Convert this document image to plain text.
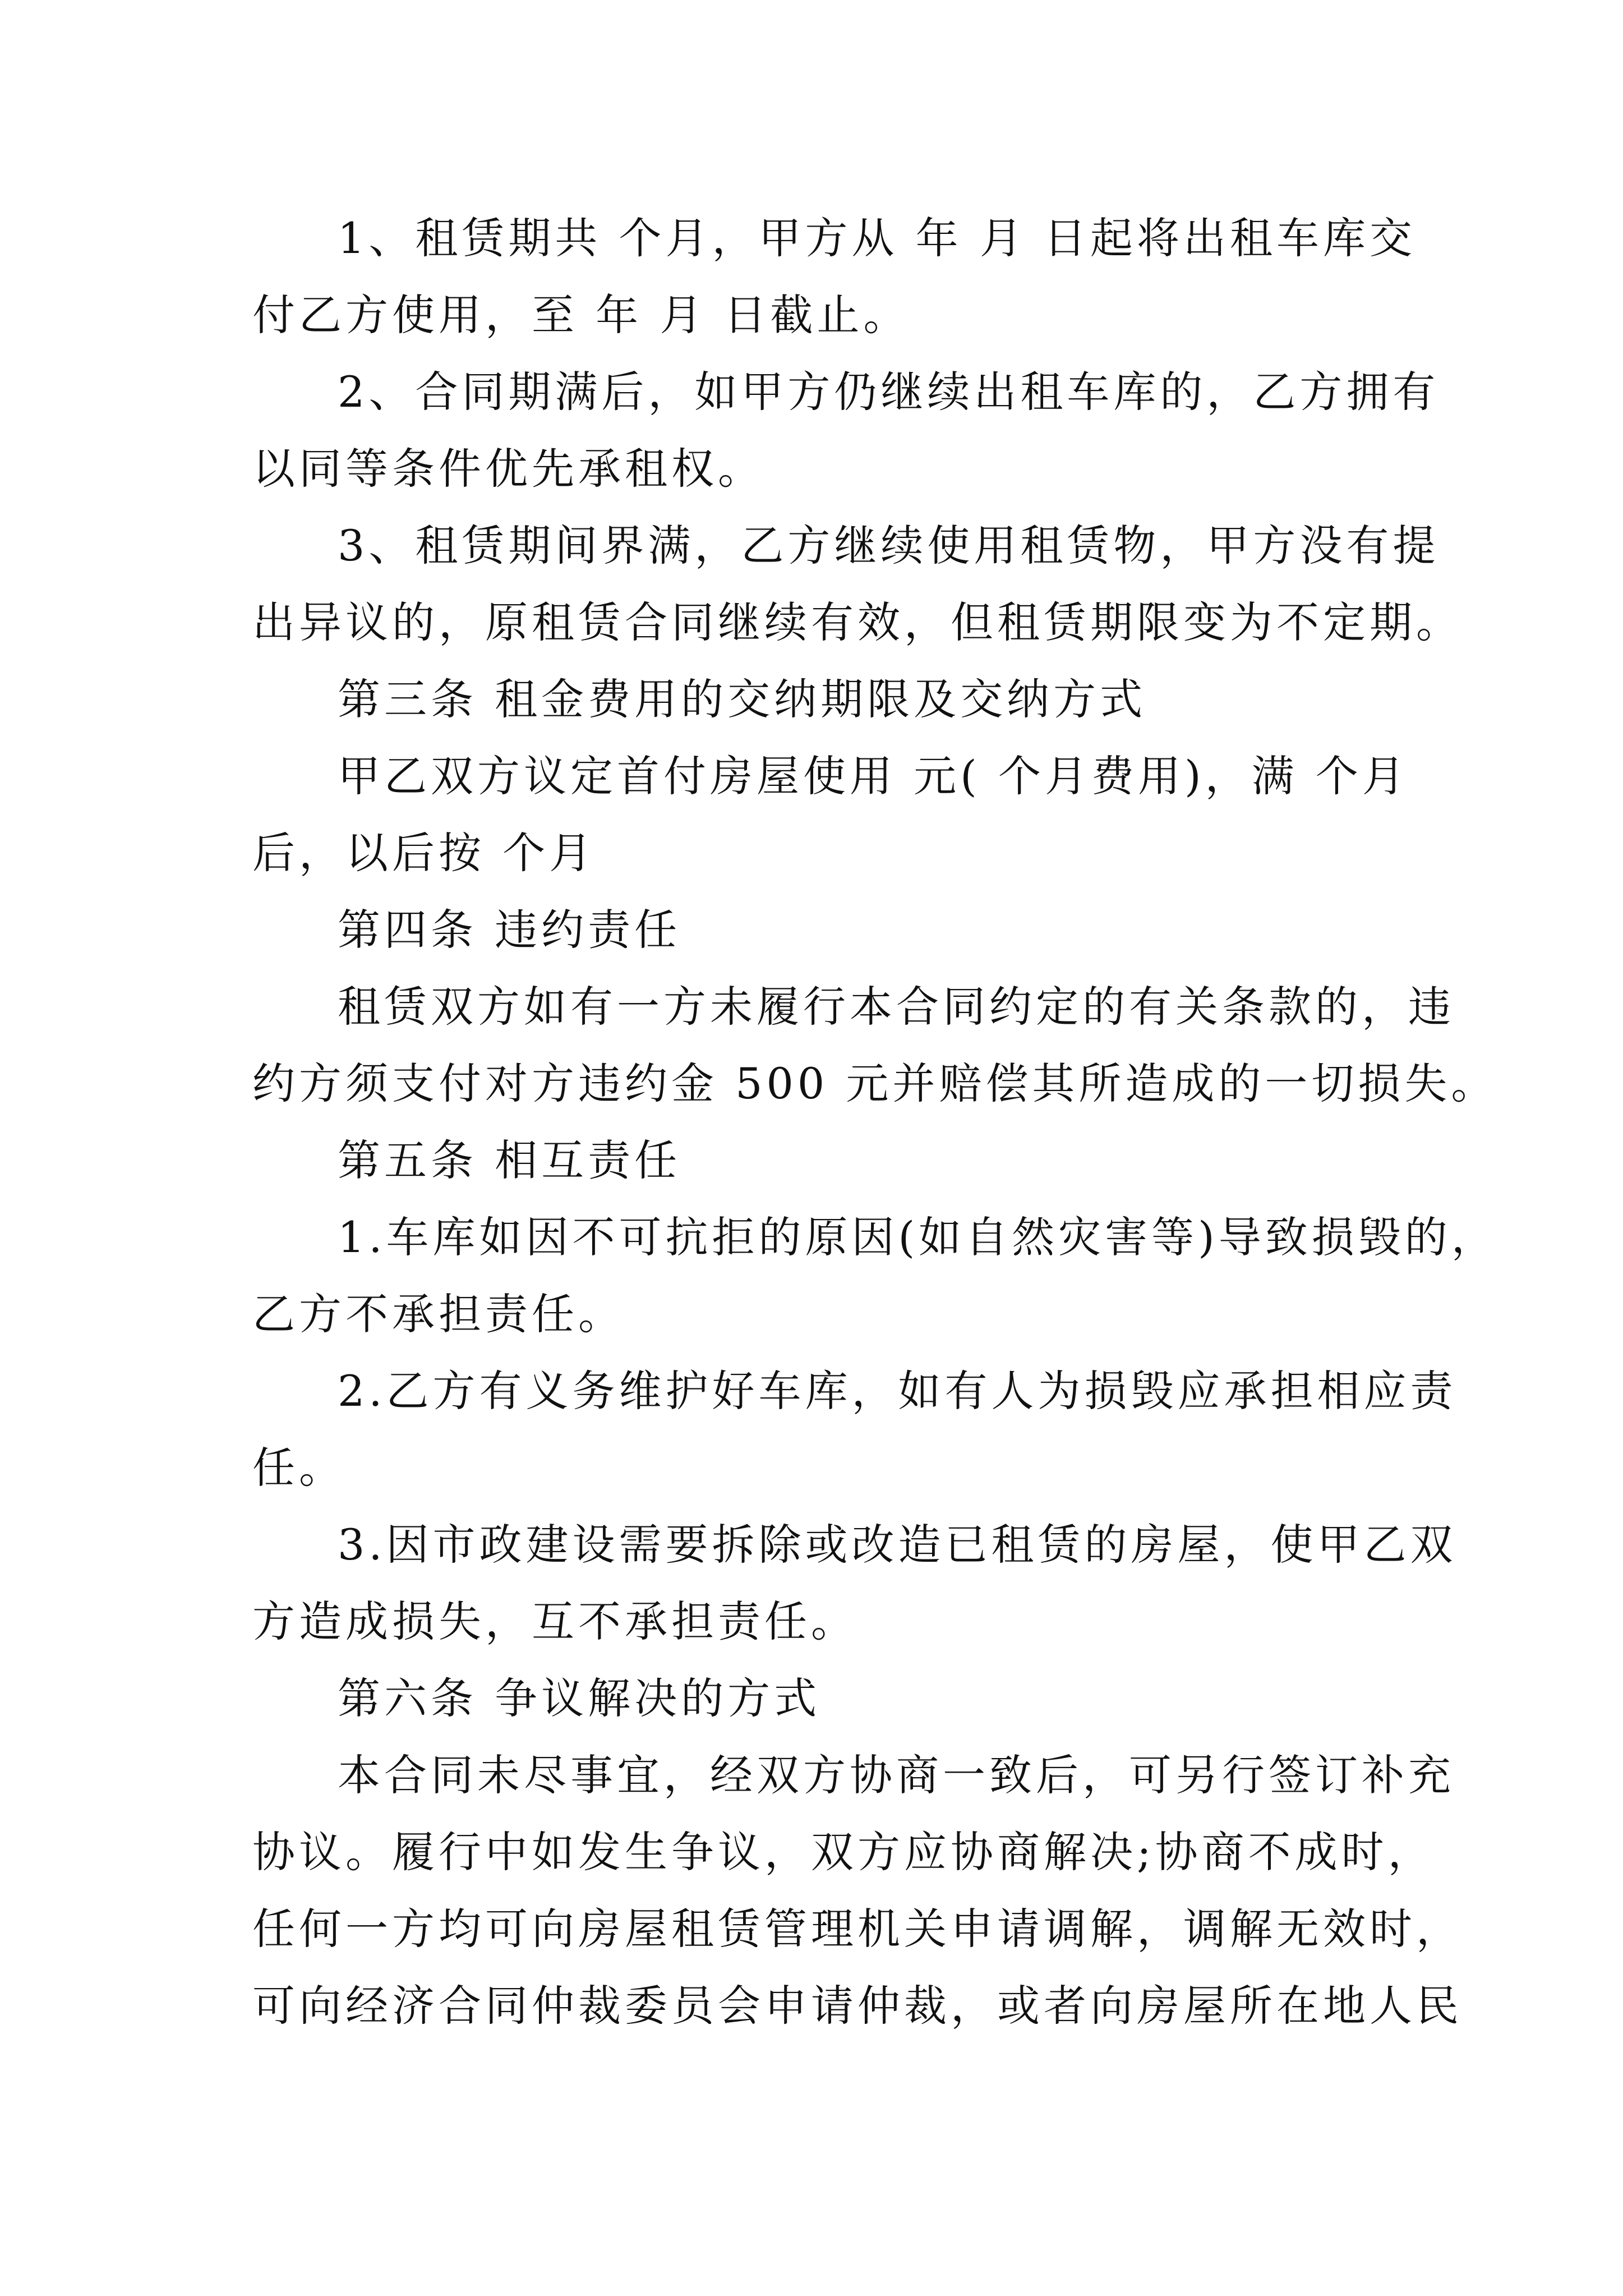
1、租赁期共 个月，甲方从 年 月 日起将出租车库交
付乙方使用，至 年 月 日截止。
2、合同期满后，如甲方仍继续出租车库的，乙方拥有
以同等条件优先承租权。
3、租赁期间界满，乙方继续使用租赁物，甲方没有提
出异议的，原租赁合同继续有效，但租赁期限变为不定期。
第三条 租金费用的交纳期限及交纳方式
甲乙双方议定首付房屋使用 元( 个月费用)，满 个月
后，以后按 个月
第四条 违约责任
租赁双方如有一方未履行本合同约定的有关条款的，违
约方须支付对方违约金 500 元并赔偿其所造成的一切损失。
第五条 相互责任
1.车库如因不可抗拒的原因(如自然灾害等)导致损毁的，
乙方不承担责任。
2.乙方有义务维护好车库，如有人为损毁应承担相应责
任。
3.因市政建设需要拆除或改造已租赁的房屋，使甲乙双
方造成损失，互不承担责任。
第六条 争议解决的方式
本合同未尽事宜，经双方协商一致后，可另行签订补充
协议。履行中如发生争议，双方应协商解决;协商不成时，
任何一方均可向房屋租赁管理机关申请调解，调解无效时，
可向经济合同仲裁委员会申请仲裁，或者向房屋所在地人民
